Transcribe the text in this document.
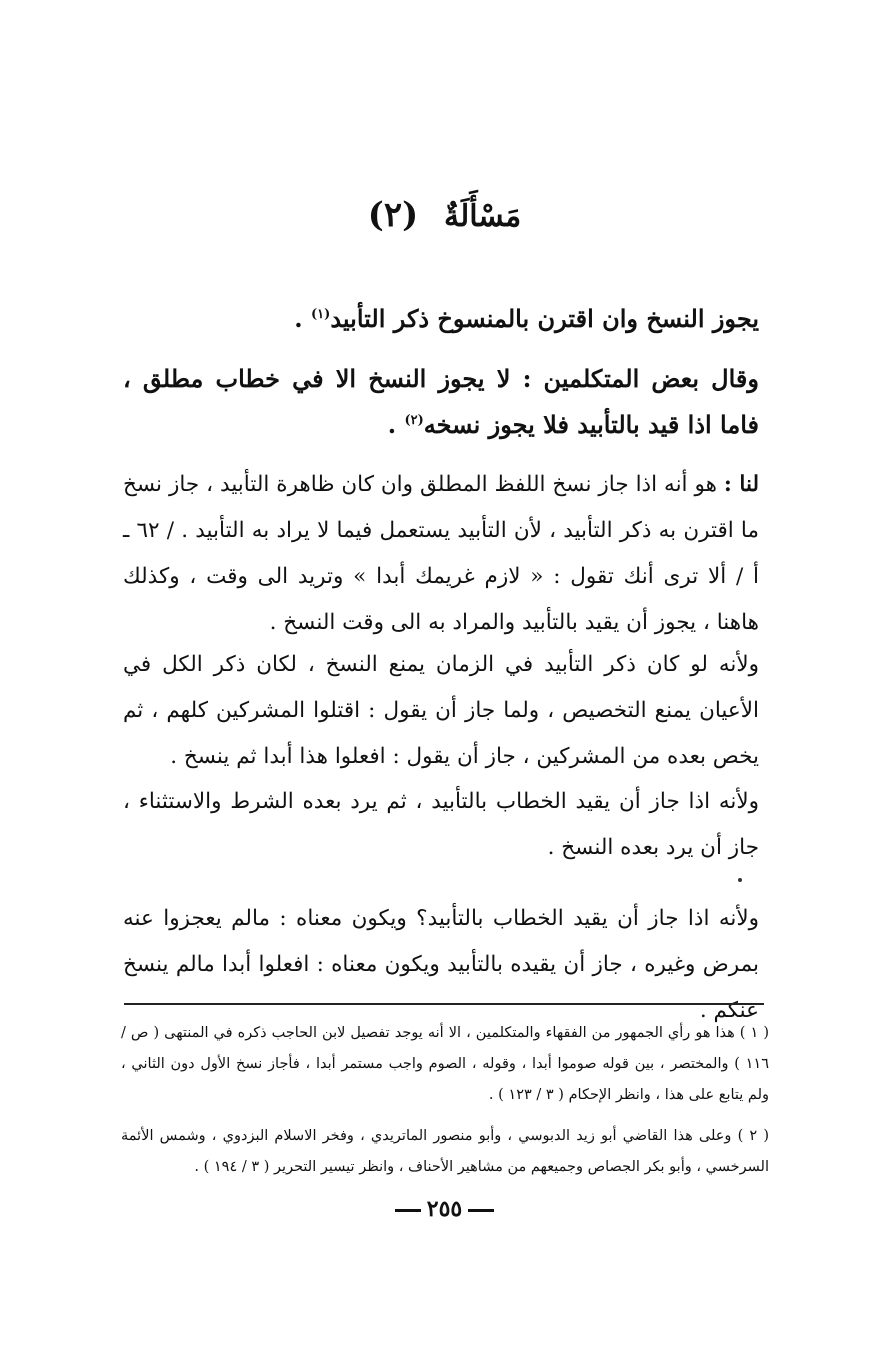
مَسْأَلَةٌ (٢)
يجوز النسخ وان اقترن بالمنسوخ ذكر التأبيد$^{(١)}$ .
وقال بعض المتكلمين : لا يجوز النسخ الا في خطاب مطلق ، فاما اذا قيد بالتأبيد فلا يجوز نسخه$^{(٢)}$ .
لنا : هو أنه اذا جاز نسخ اللفظ المطلق وان كان ظاهرة التأبيد ، جاز نسخ ما اقترن به ذكر التأبيد ، لأن التأبيد يستعمل فيما لا يراد به التأبيد . / ٦٢ ـ أ / ألا ترى أنك تقول : « لازم غريمك أبدا » وتريد الى وقت ، وكذلك هاهنا ، يجوز أن يقيد بالتأبيد والمراد به الى وقت النسخ .
ولأنه لو كان ذكر التأبيد في الزمان يمنع النسخ ، لكان ذكر الكل في الأعيان يمنع التخصيص ، ولما جاز أن يقول : اقتلوا المشركين كلهم ، ثم يخص بعده من المشركين ، جاز أن يقول : افعلوا هذا أبدا ثم ينسخ .
ولأنه اذا جاز أن يقيد الخطاب بالتأبيد ، ثم يرد بعده الشرط والاستثناء ، جاز أن يرد بعده النسخ .
ولأنه اذا جاز أن يقيد الخطاب بالتأبيد؟ ويكون معناه : مالم يعجزوا عنه بمرض وغيره ، جاز أن يقيده بالتأبيد ويكون معناه : افعلوا أبدا مالم ينسخ عنكم .

( ١ ) هذا هو رأي الجمهور من الفقهاء والمتكلمين ، الا أنه يوجد تفصيل لابن الحاجب ذكره في المنتهى ( ص / ١١٦ ) والمختصر ، بين قوله صوموا أبدا ، وقوله ، الصوم واجب مستمر أبدا ، فأجاز نسخ الأول دون الثاني ، ولم يتابع على هذا ، وانظر الإحكام ( ٣ / ١٢٣ ) .

( ٢ ) وعلى هذا القاضي أبو زيد الدبوسي ، وأبو منصور الماتريدي ، وفخر الاسلام البزدوي ، وشمس الأئمة السرخسي ، وأبو بكر الجصاص وجميعهم من مشاهير الأحناف ، وانظر تيسير التحرير ( ٣ / ١٩٤ ) .

٢٥٥
